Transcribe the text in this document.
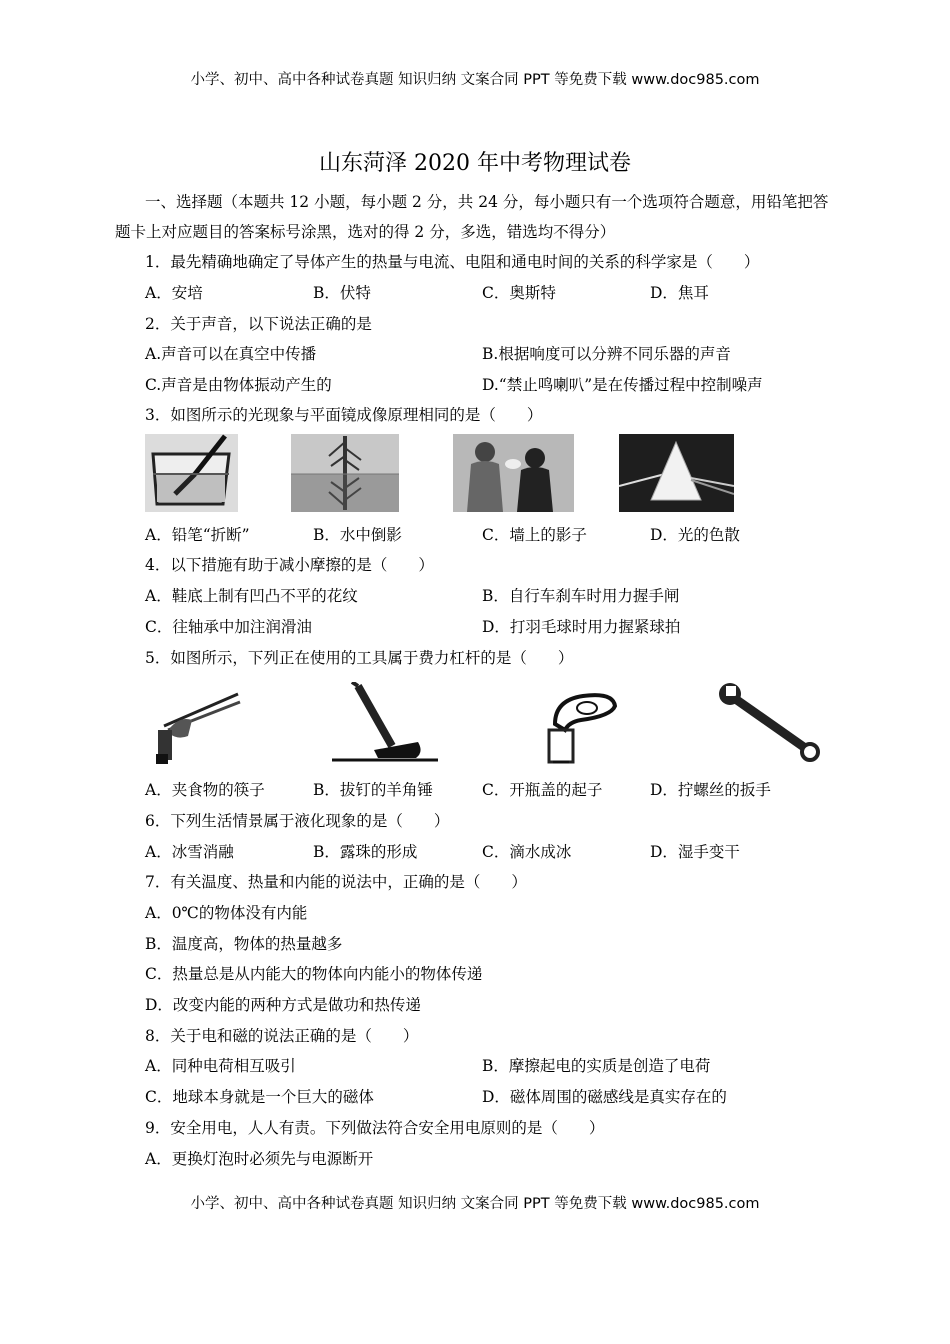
小学、初中、高中各种试卷真题 知识归纳 文案合同 PPT 等免费下载 www.doc985.com
山东菏泽 2020 年中考物理试卷
一、选择题（本题共 12 小题，每小题 2 分，共 24 分，每小题只有一个选项符合题意，用铅笔把答题卡上对应题目的答案标号涂黑，选对的得 2 分，多选，错选均不得分）
1．最先精确地确定了导体产生的热量与电流、电阻和通电时间的关系的科学家是（　　）
A．安培	B．伏特	C．奥斯特	D．焦耳
2．关于声音，以下说法正确的是
A.声音可以在真空中传播	B.根据响度可以分辨不同乐器的声音
C.声音是由物体振动产生的	D.“禁止鸣喇叭”是在传播过程中控制噪声
3．如图所示的光现象与平面镜成像原理相同的是（　　）
A．铅笔“折断”	B．水中倒影	C．墙上的影子	D．光的色散
4．以下措施有助于减小摩擦的是（　　）
A．鞋底上制有凹凸不平的花纹	B．自行车刹车时用力握手闸
C．往轴承中加注润滑油	D．打羽毛球时用力握紧球拍
5．如图所示，下列正在使用的工具属于费力杠杆的是（　　）
A．夹食物的筷子	B．拔钉的羊角锤	C．开瓶盖的起子	D．拧螺丝的扳手
6．下列生活情景属于液化现象的是（　　）
A．冰雪消融	B．露珠的形成	C．滴水成冰	D．湿手变干
7．有关温度、热量和内能的说法中，正确的是（　　）
A．0℃的物体没有内能
B．温度高，物体的热量越多
C．热量总是从内能大的物体向内能小的物体传递
D．改变内能的两种方式是做功和热传递
8．关于电和磁的说法正确的是（　　）
A．同种电荷相互吸引	B．摩擦起电的实质是创造了电荷
C．地球本身就是一个巨大的磁体	D．磁体周围的磁感线是真实存在的
9．安全用电，人人有责。下列做法符合安全用电原则的是（　　）
A．更换灯泡时必须先与电源断开
小学、初中、高中各种试卷真题 知识归纳 文案合同 PPT 等免费下载 www.doc985.com
